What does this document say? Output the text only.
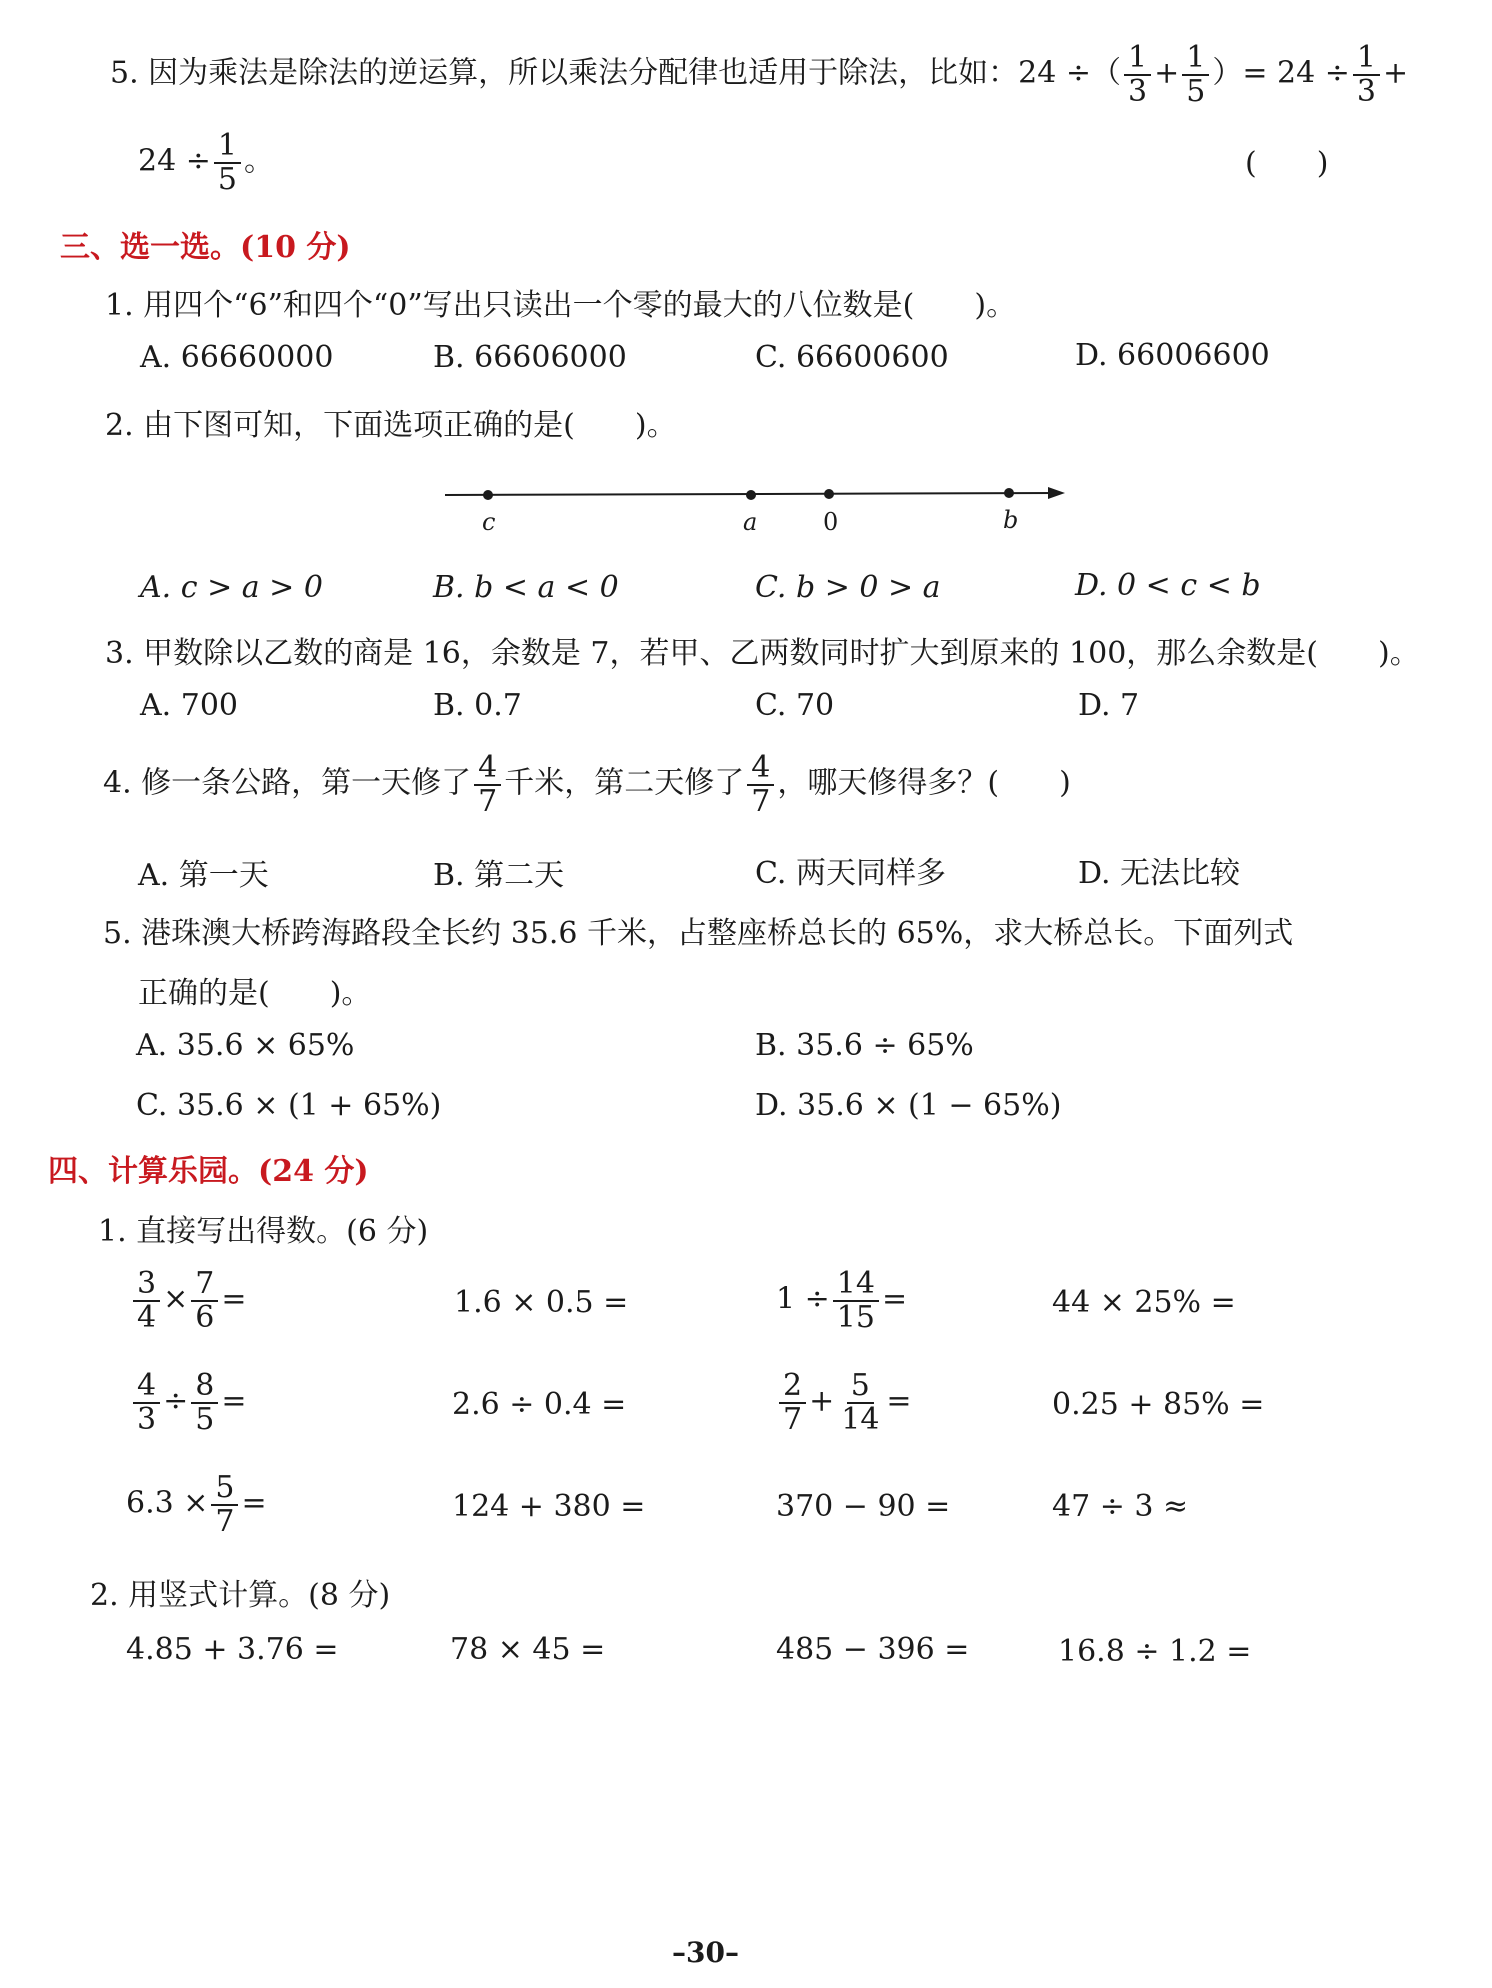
5. 因为乘法是除法的逆运算，所以乘法分配律也适用于除法，比如：24 ÷（ $\frac{1}{3} + \frac{1}{5}$ ）= $24 \div \frac{1}{3}$ +
$24 \div \frac{1}{5}$ 。	(　　)
三、选一选。(10 分)
1. 用四个“6”和四个“0”写出只读出一个零的最大的八位数是(　　)。
A. 66660000	B. 66606000	C. 66600600	D. 66006600
2. 由下图可知，下面选项正确的是(　　)。
c	a	0	b
A. c > a > 0	B. b < a < 0	C. b > 0 > a	D. 0 < c < b
3. 甲数除以乙数的商是 16，余数是 7，若甲、乙两数同时扩大到原来的 100，那么余数是(　　)。
A. 700	B. 0.7	C. 70	D. 7
4. 修一条公路，第一天修了 $\frac{4}{7}$ 千米，第二天修了 $\frac{4}{7}$ ，哪天修得多？(　　)
A. 第一天	B. 第二天	C. 两天同样多	D. 无法比较
5. 港珠澳大桥跨海路段全长约 35.6 千米，占整座桥总长的 65%，求大桥总长。下面列式
正确的是(　　)。
A. 35.6 × 65%	B. 35.6 ÷ 65%
C. 35.6 × (1 + 65%)	D. 35.6 × (1 − 65%)
四、计算乐园。(24 分)
1. 直接写出得数。(6 分)
$\frac{3}{4} \times \frac{7}{6}$ =	1.6 × 0.5 =	$1 \div \frac{14}{15}$ =	44 × 25% =
$\frac{4}{3} \div \frac{8}{5}$ =	2.6 ÷ 0.4 =	$\frac{2}{7} + \frac{5}{14}$ =	0.25 + 85% =
$6.3 \times \frac{5}{7}$ =	124 + 380 =	370 − 90 =	47 ÷ 3 ≈
2. 用竖式计算。(8 分)
4.85 + 3.76 =	78 × 45 =	485 − 396 =	16.8 ÷ 1.2 =
–30–
